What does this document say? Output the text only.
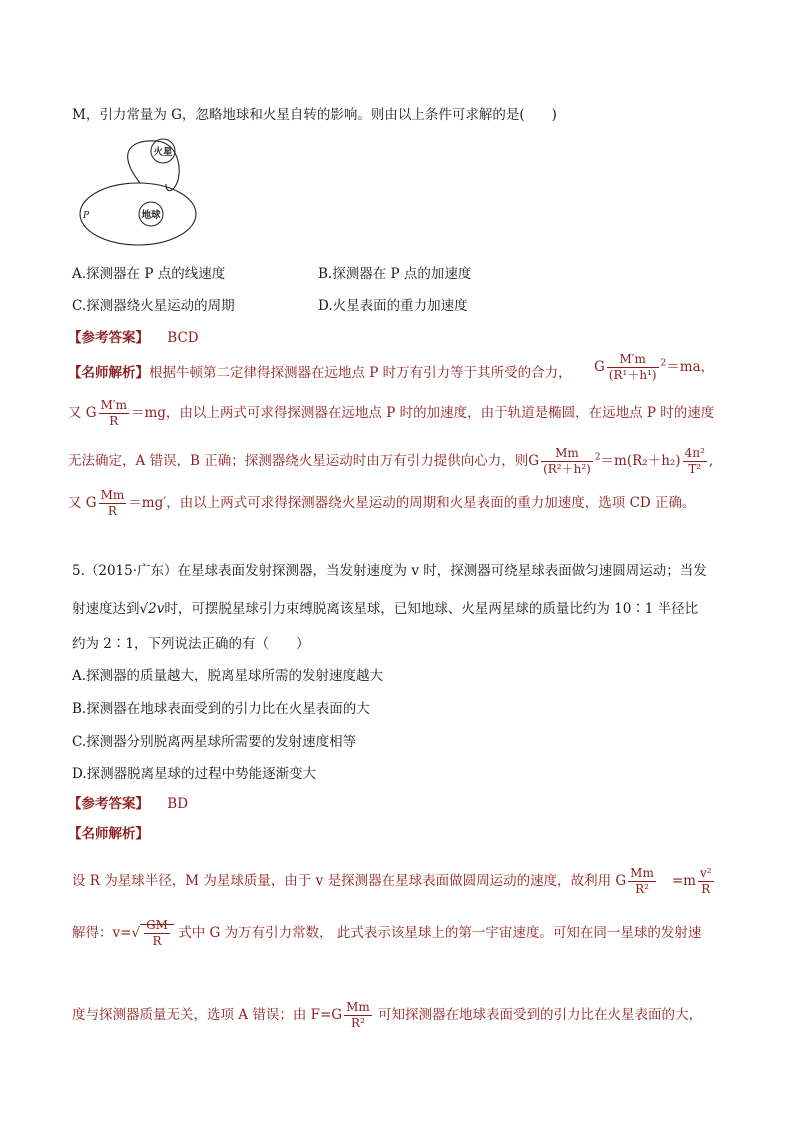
M，引力常量为 G，忽略地球和火星自转的影响。则由以上条件可求解的是(　　)
火星
地球
P
A.探测器在 P 点的线速度	B.探测器在 P 点的加速度
C.探测器绕火星运动的周期	D.火星表面的重力加速度
【参考答案】 BCD
【名师解析】根据牛顿第二定律得探测器在远地点 P 时万有引力等于其所受的合力， G $\frac{M'm}{\text{(R¹＋h¹)}} ^2=ma$，
又 G $\frac{M'm}{R} =mg$，由以上两式可求得探测器在远地点 P 时的加速度，由于轨道是椭圆，在远地点 P 时的速度
无法确定，A 错误，B 正确；探测器绕火星运动时由万有引力提供向心力，则G $\frac{Mm}{\text{(R²＋h²)}} ^2=m(R_2+h_2) \frac{\text{4π²}}{\text{T²}}$ ,
又 G $\frac{Mm}{R} =mg'$，由以上两式可求得探测器绕火星运动的周期和火星表面的重力加速度，选项 CD 正确。
5.（2015·广东）在星球表面发射探测器，当发射速度为 v 时，探测器可绕星球表面做匀速圆周运动；当发
射速度达到√2v时，可摆脱星球引力束缚脱离该星球，已知地球、火星两星球的质量比约为 10∶1 半径比
约为 2∶1，下列说法正确的有（　　）
A.探测器的质量越大，脱离星球所需的发射速度越大
B.探测器在地球表面受到的引力比在火星表面的大
C.探测器分别脱离两星球所需要的发射速度相等
D.探测器脱离星球的过程中势能逐渐变大
【参考答案】 BD
【名师解析】
设 R 为星球半径，M 为星球质量，由于 v 是探测器在星球表面做圆周运动的速度，故利用 G $\frac{Mm}{\text{R²}} =m \frac{\text{v²}}{R}$
解得：$v=√ \frac{GM}{R}$ 式中 G 为万有引力常数， 此式表示该星球上的第一宇宙速度。可知在同一星球的发射速
度与探测器质量无关，选项 A 错误；由 $F=G \frac{Mm}{\text{R²}}$ 可知探测器在地球表面受到的引力比在火星表面的大，
